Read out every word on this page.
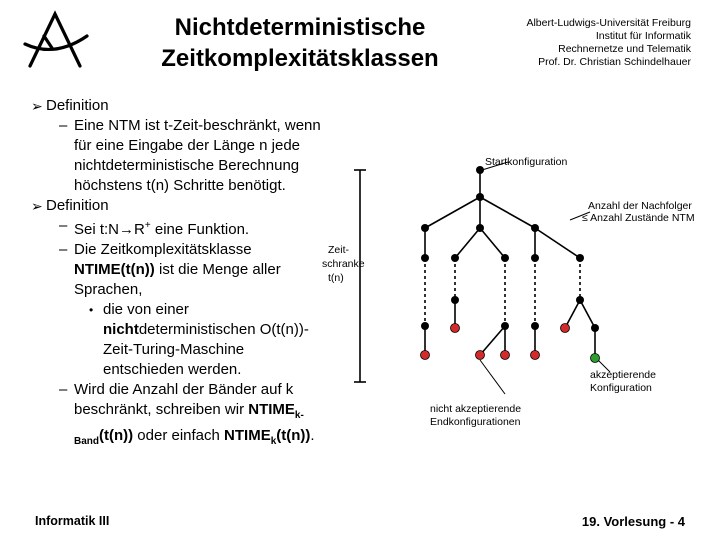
Nichtdeterministische
Zeitkomplexitätsklassen
Albert-Ludwigs-Universität Freiburg
Institut für Informatik
Rechnernetze und Telematik
Prof. Dr. Christian Schindelhauer
➢ Definition
– Eine NTM ist t-Zeit-beschränkt, wenn für eine Eingabe der Länge n jede nichtdeterministische Berechnung höchstens t(n) Schritte benötigt.
➢ Definition
– Sei t:N→R+ eine Funktion.
– Die Zeitkomplexitätsklasse NTIME(t(n)) ist die Menge aller Sprachen,
• die von einer nichtdeterministischen O(t(n))-Zeit-Turing-Maschine entschieden werden.
– Wird die Anzahl der Bänder auf k beschränkt, schreiben wir $NTIME_{k-Band}(t(n))$ oder einfach $NTIME_k(t(n))$.
Startkonfiguration
Anzahl der Nachfolger
≤ Anzahl Zustände NTM
Zeit-
schranke
t(n)
akzeptierende
Konfiguration
nicht akzeptierende
Endkonfigurationen
Informatik III	19. Vorlesung - 4
